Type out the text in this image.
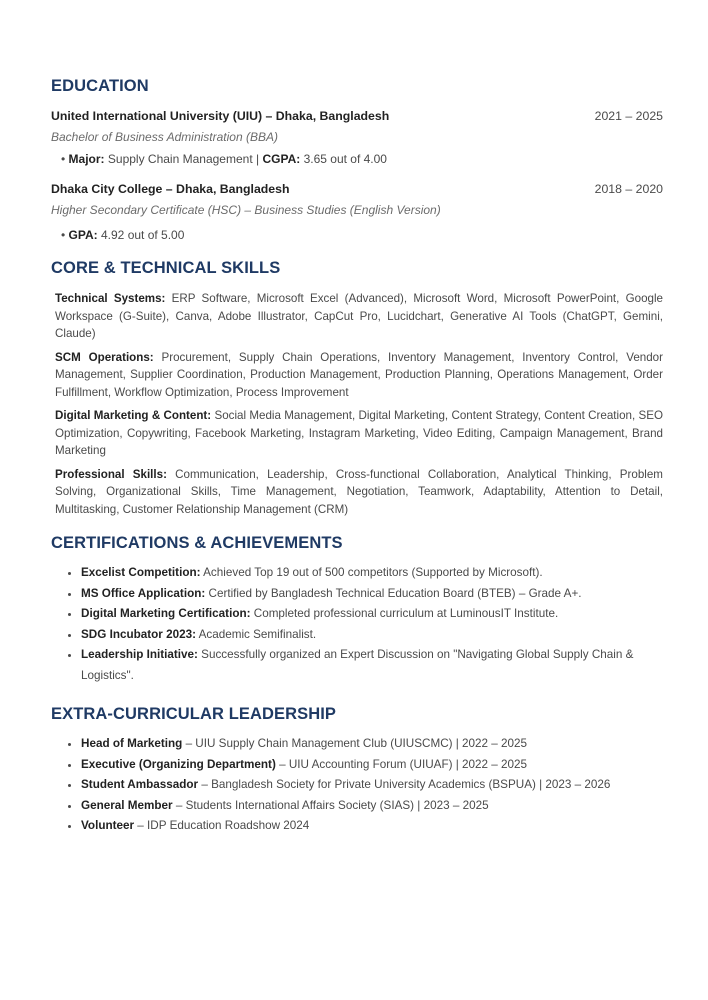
EDUCATION
United International University (UIU) – Dhaka, Bangladesh	2021 – 2025
Bachelor of Business Administration (BBA)
• Major: Supply Chain Management | CGPA: 3.65 out of 4.00
Dhaka City College – Dhaka, Bangladesh	2018 – 2020
Higher Secondary Certificate (HSC) – Business Studies (English Version)
• GPA: 4.92 out of 5.00
CORE & TECHNICAL SKILLS
Technical Systems: ERP Software, Microsoft Excel (Advanced), Microsoft Word, Microsoft PowerPoint, Google Workspace (G-Suite), Canva, Adobe Illustrator, CapCut Pro, Lucidchart, Generative AI Tools (ChatGPT, Gemini, Claude)
SCM Operations: Procurement, Supply Chain Operations, Inventory Management, Inventory Control, Vendor Management, Supplier Coordination, Production Management, Production Planning, Operations Management, Order Fulfillment, Workflow Optimization, Process Improvement
Digital Marketing & Content: Social Media Management, Digital Marketing, Content Strategy, Content Creation, SEO Optimization, Copywriting, Facebook Marketing, Instagram Marketing, Video Editing, Campaign Management, Brand Marketing
Professional Skills: Communication, Leadership, Cross-functional Collaboration, Analytical Thinking, Problem Solving, Organizational Skills, Time Management, Negotiation, Teamwork, Adaptability, Attention to Detail, Multitasking, Customer Relationship Management (CRM)
CERTIFICATIONS & ACHIEVEMENTS
• Excelist Competition: Achieved Top 19 out of 500 competitors (Supported by Microsoft).
• MS Office Application: Certified by Bangladesh Technical Education Board (BTEB) – Grade A+.
• Digital Marketing Certification: Completed professional curriculum at LuminousIT Institute.
• SDG Incubator 2023: Academic Semifinalist.
• Leadership Initiative: Successfully organized an Expert Discussion on "Navigating Global Supply Chain & Logistics".
EXTRA-CURRICULAR LEADERSHIP
• Head of Marketing – UIU Supply Chain Management Club (UIUSCMC) | 2022 – 2025
• Executive (Organizing Department) – UIU Accounting Forum (UIUAF) | 2022 – 2025
• Student Ambassador – Bangladesh Society for Private University Academics (BSPUA) | 2023 – 2026
• General Member – Students International Affairs Society (SIAS) | 2023 – 2025
• Volunteer – IDP Education Roadshow 2024
